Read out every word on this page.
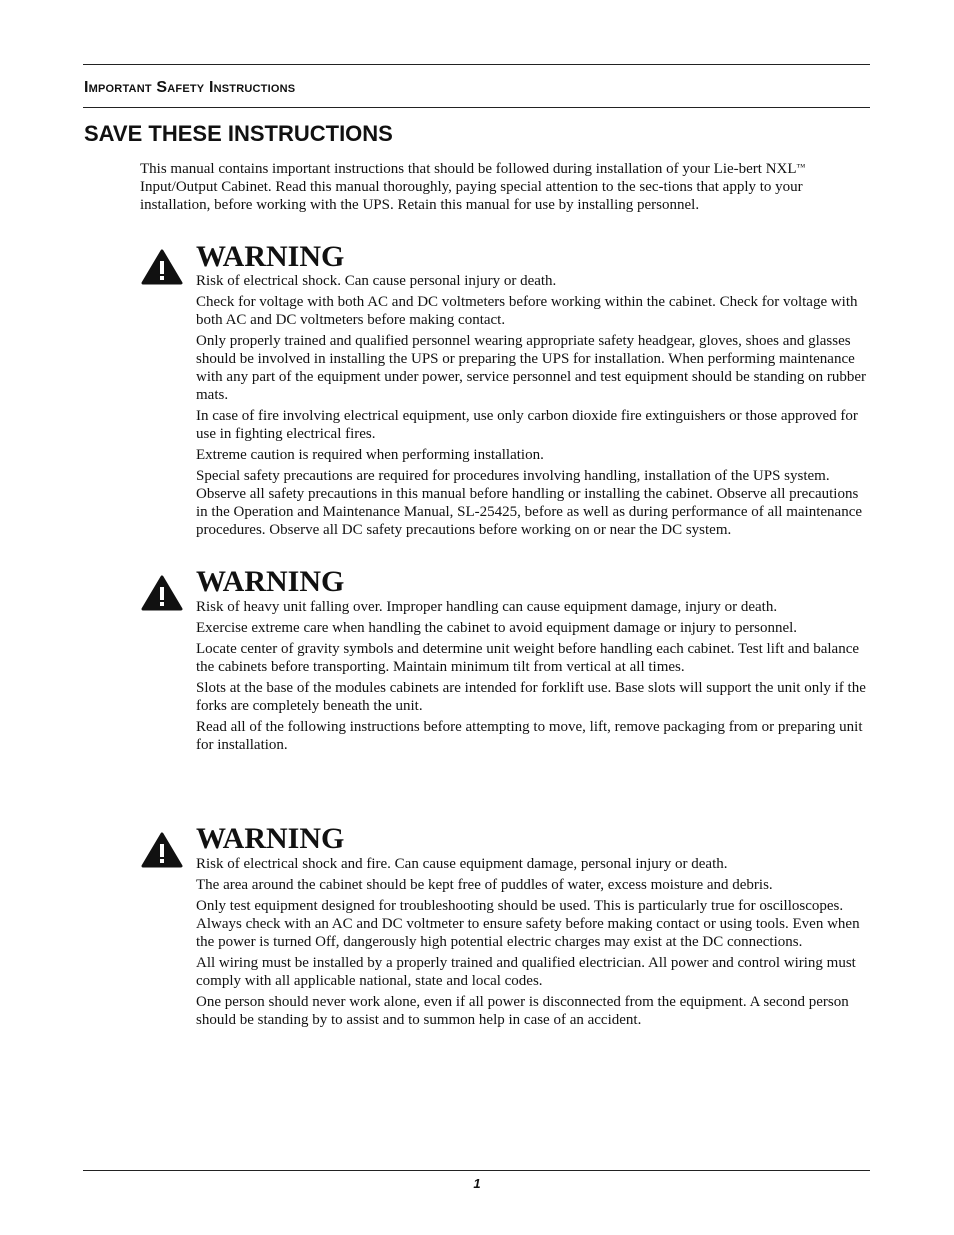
Important Safety Instructions
SAVE THESE INSTRUCTIONS

This manual contains important instructions that should be followed during installation of your Lie-bert NXL™ Input/Output Cabinet. Read this manual thoroughly, paying special attention to the sec-tions that apply to your installation, before working with the UPS. Retain this manual for use by installing personnel.

WARNING

Risk of electrical shock. Can cause personal injury or death.

Check for voltage with both AC and DC voltmeters before working within the cabinet. Check for voltage with both AC and DC voltmeters before making contact.

Only properly trained and qualified personnel wearing appropriate safety headgear, gloves, shoes and glasses should be involved in installing the UPS or preparing the UPS for installation. When performing maintenance with any part of the equipment under power, service personnel and test equipment should be standing on rubber mats.

In case of fire involving electrical equipment, use only carbon dioxide fire extinguishers or those approved for use in fighting electrical fires.

Extreme caution is required when performing installation.

Special safety precautions are required for procedures involving handling, installation of the UPS system. Observe all safety precautions in this manual before handling or installing the cabinet. Observe all precautions in the Operation and Maintenance Manual, SL-25425, before as well as during performance of all maintenance procedures. Observe all DC safety precautions before working on or near the DC system.

WARNING

Risk of heavy unit falling over. Improper handling can cause equipment damage, injury or death.

Exercise extreme care when handling the cabinet to avoid equipment damage or injury to personnel.

Locate center of gravity symbols and determine unit weight before handling each cabinet. Test lift and balance the cabinets before transporting. Maintain minimum tilt from vertical at all times.

Slots at the base of the modules cabinets are intended for forklift use. Base slots will support the unit only if the forks are completely beneath the unit.

Read all of the following instructions before attempting to move, lift, remove packaging from or preparing unit for installation.

WARNING

Risk of electrical shock and fire. Can cause equipment damage, personal injury or death.

The area around the cabinet should be kept free of puddles of water, excess moisture and debris.

Only test equipment designed for troubleshooting should be used. This is particularly true for oscilloscopes. Always check with an AC and DC voltmeter to ensure safety before making contact or using tools. Even when the power is turned Off, dangerously high potential electric charges may exist at the DC connections.

All wiring must be installed by a properly trained and qualified electrician. All power and control wiring must comply with all applicable national, state and local codes.

One person should never work alone, even if all power is disconnected from the equipment. A second person should be standing by to assist and to summon help in case of an accident.

1
